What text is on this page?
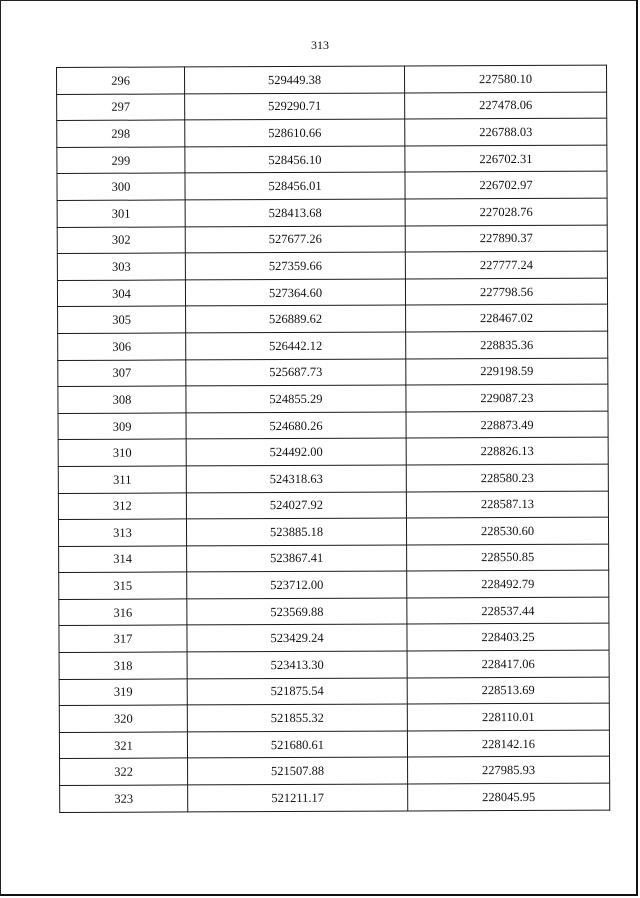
313
296	529449.38	227580.10
297	529290.71	227478.06
298	528610.66	226788.03
299	528456.10	226702.31
300	528456.01	226702.97
301	528413.68	227028.76
302	527677.26	227890.37
303	527359.66	227777.24
304	527364.60	227798.56
305	526889.62	228467.02
306	526442.12	228835.36
307	525687.73	229198.59
308	524855.29	229087.23
309	524680.26	228873.49
310	524492.00	228826.13
311	524318.63	228580.23
312	524027.92	228587.13
313	523885.18	228530.60
314	523867.41	228550.85
315	523712.00	228492.79
316	523569.88	228537.44
317	523429.24	228403.25
318	523413.30	228417.06
319	521875.54	228513.69
320	521855.32	228110.01
321	521680.61	228142.16
322	521507.88	227985.93
323	521211.17	228045.95
